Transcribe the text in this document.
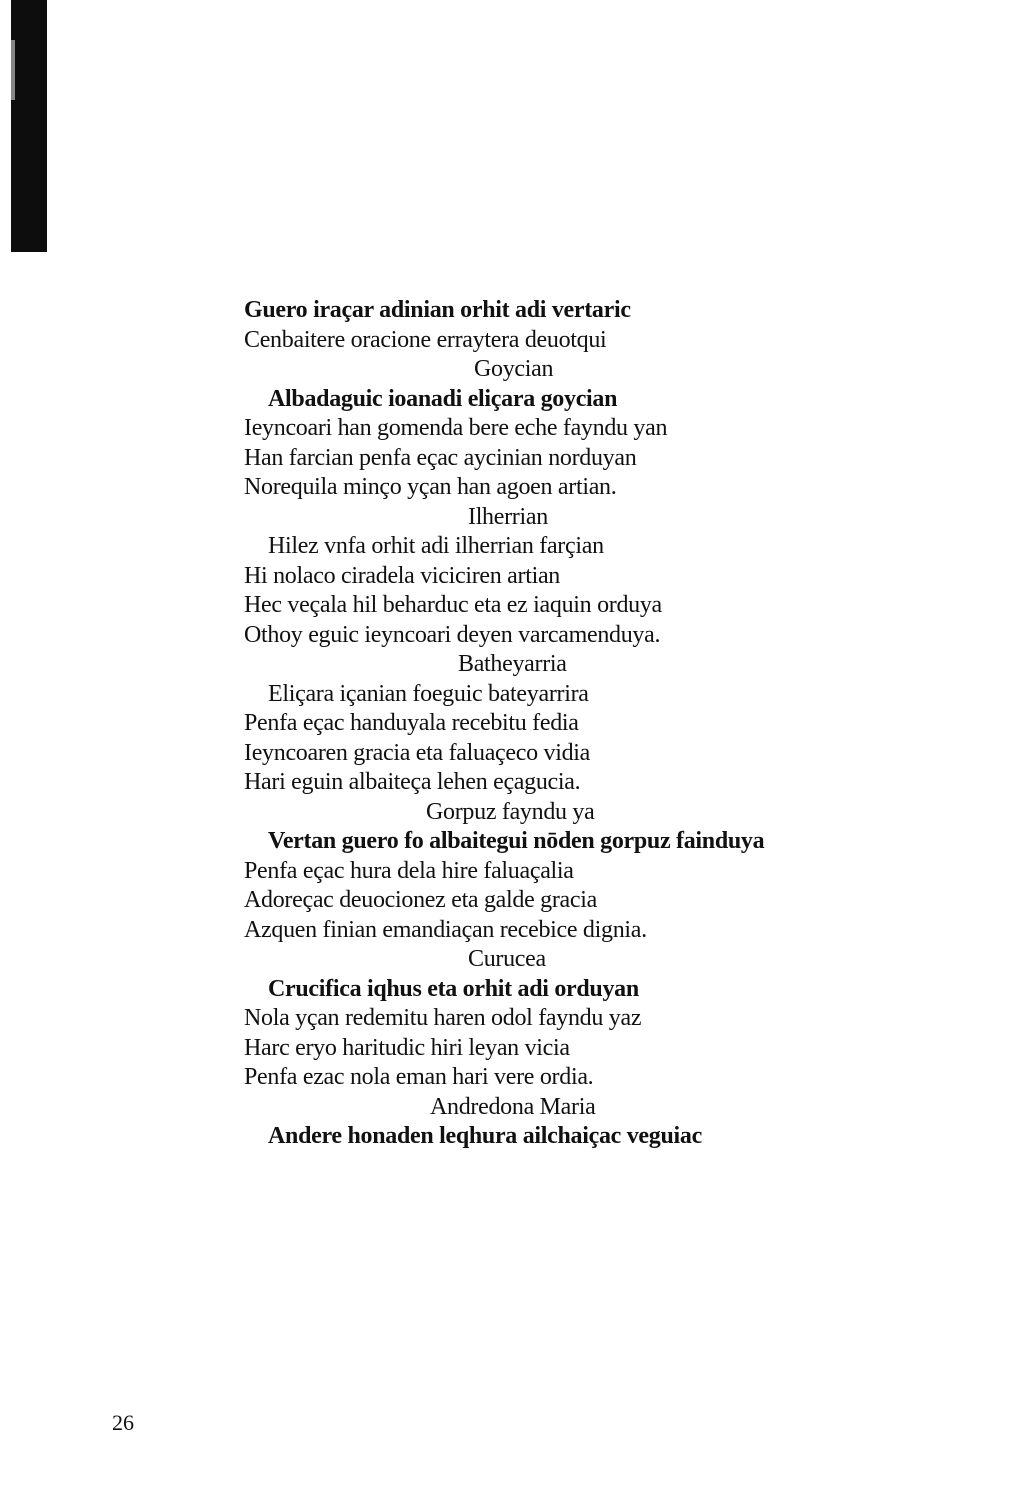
Guero iraçar adinian orhit adi vertaric
Cenbaitere oracione erraytera deuotqui
Goycian
Albadaguic ioanadi eliçara goycian
Ieyncoari han gomenda bere eche fayndu yan
Han farcian penfa eçac aycinian norduyan
Norequila minço yçan han agoen artian.
Ilherrian
Hilez vnfa orhit adi ilherrian farçian
Hi nolaco ciradela viciciren artian
Hec veçala hil beharduc eta ez iaquin orduya
Othoy eguic ieyncoari deyen varcamenduya.
Batheyarria
Eliçara içanian foeguic bateyarrira
Penfa eçac handuyala recebitu fedia
Ieyncoaren gracia eta faluaçeco vidia
Hari eguin albaiteça lehen eçagucia.
Gorpuz fayndu ya
Vertan guero fo albaitegui nōden gorpuz fainduya
Penfa eçac hura dela hire faluaçalia
Adoreçac deuocionez eta galde gracia
Azquen finian emandiaçan recebice dignia.
Curucea
Crucifica iqhus eta orhit adi orduyan
Nola yçan redemitu haren odol fayndu yaz
Harc eryo haritudic hiri leyan vicia
Penfa ezac nola eman hari vere ordia.
Andredona Maria
Andere honaden leqhura ailchaiçac veguiac
26
